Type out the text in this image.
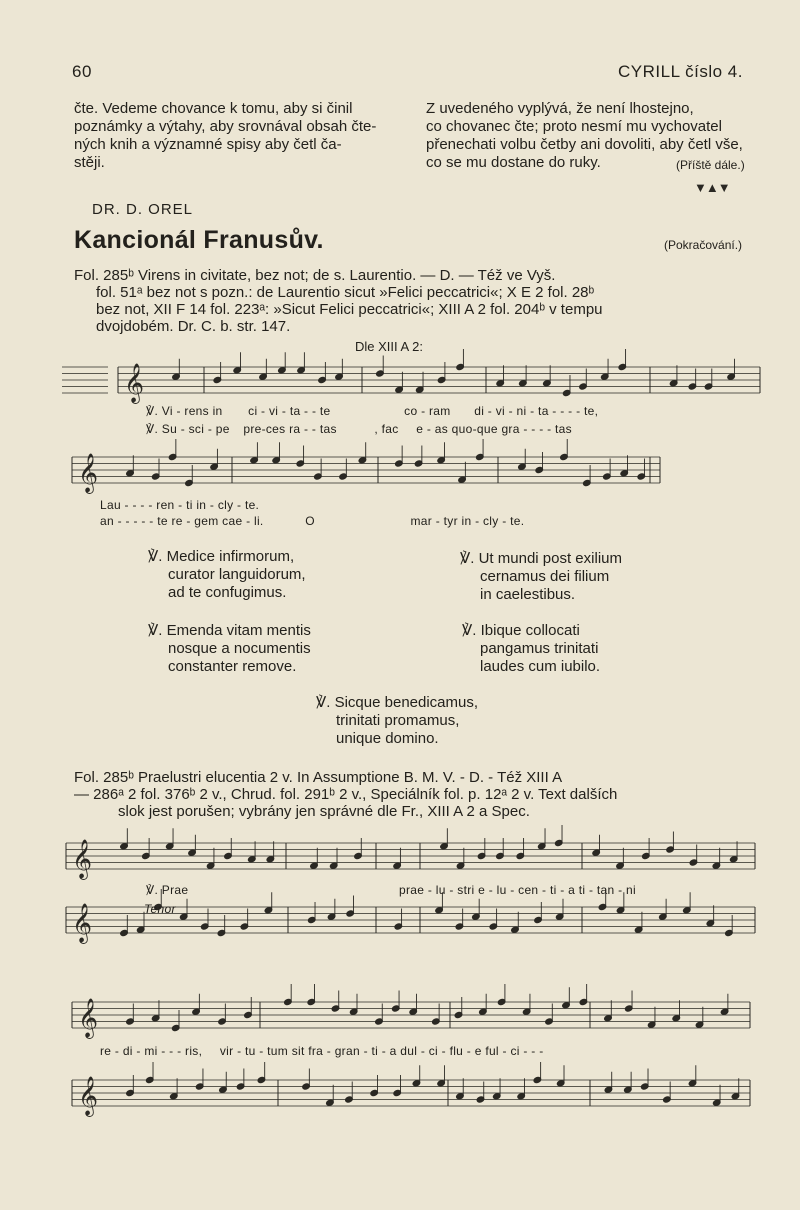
60	CYRILL číslo 4.
čte. Vedeme chovance k tomu, aby si činil
poznámky a výtahy, aby srovnával obsah čte-
ných knih a významné spisy aby četl ča-
stěji.
Z uvedeného vyplývá, že není lhostejno,
co chovanec čte; proto nesmí mu vychovatel
přenechati volbu četby ani dovoliti, aby četl vše,
co se mu dostane do ruky.	(Příště dále.)
▼▲▼
DR. D. OREL
Kancionál Franusův.	(Pokračování.)
Fol. 285ᵇ Virens in civitate, bez not; de s. Laurentio. — D. — Též ve Vyš.
fol. 51ᵃ bez not s pozn.: de Laurentio sicut »Felici peccatrici«; X E 2 fol. 28ᵇ
bez not, XII F 14 fol. 223ᵃ: »Sicut Felici peccatrici«; XIII A 2 fol. 204ᵇ v tempu
dvojdobém. Dr. C. b. str. 147.
Dle XIII A 2:
𝄞
𝄞
𝄞
𝄞
𝄞
𝄞
℣. Vi - rens in ci - vi - ta - - te	co - ram di - vi - ni - ta - - - - te,
℣. Su - sci - pe pre-ces ra - - tas	, fac e - as quo-que gra - - - - tas
Lau - - - - ren - ti in - cly - te.
an - - - - - te re - gem cae - li.	O	mar - tyr in - cly - te.
℣. Medice infirmorum,
curator languidorum,
ad te confugimus.
℣. Ut mundi post exilium
cernamus dei filium
in caelestibus.
℣. Emenda vitam mentis
nosque a nocumentis
constanter remove.
℣. Ibique collocati
pangamus trinitati
laudes cum iubilo.
℣. Sicque benedicamus,
trinitati promamus,
unique domino.
Fol. 285ᵇ Praelustri elucentia 2 v. In Assumptione B. M. V. - D. - Též XIII A
— 286ᵃ 2 fol. 376ᵇ 2 v., Chrud. fol. 291ᵇ 2 v., Speciálník fol. p. 12ᵃ 2 v. Text dalších
slok jest porušen; vybrány jen správné dle Fr., XIII A 2 a Spec.
℣. Prae	prae - lu - stri e - lu - cen - ti - a ti - tan - ni
Tenor
re - di - mi - - - ris, vir - tu - tum sit fra - gran - ti - a dul - ci - flu - e ful - ci - - -
